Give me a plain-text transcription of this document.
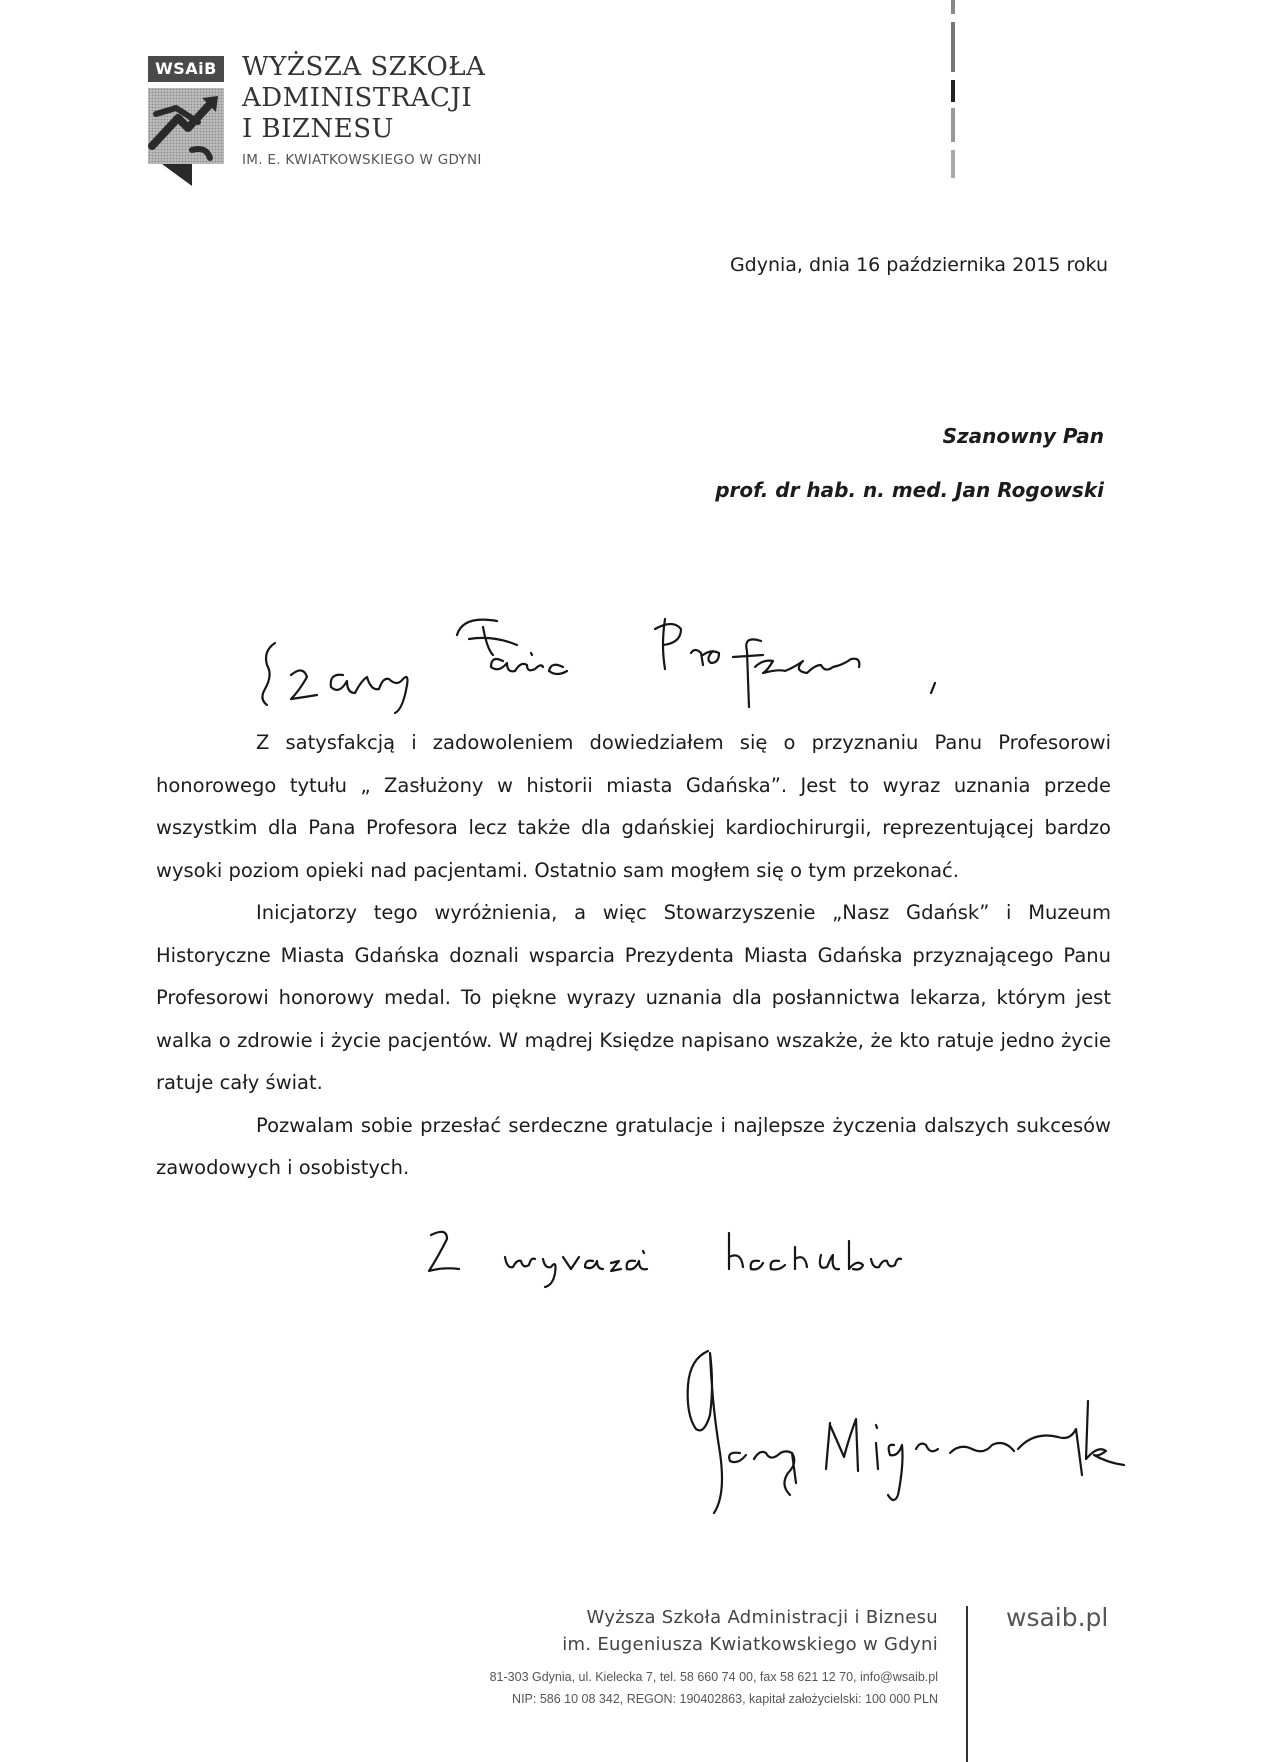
WSAiB WYŻSZA SZKOŁA
ADMINISTRACJI
I BIZNESU
IM. E. KWIATKOWSKIEGO W GDYNI
Gdynia, dnia 16 października 2015 roku
Szanowny Pan
prof. dr hab. n. med. Jan Rogowski

Z satysfakcją i zadowoleniem dowiedziałem się o przyznaniu Panu Profesorowi honorowego tytułu „ Zasłużony w historii miasta Gdańska”. Jest to wyraz uznania przede wszystkim dla Pana Profesora lecz także dla gdańskiej kardiochirurgii, reprezentującej bardzo wysoki poziom opieki nad pacjentami. Ostatnio sam mogłem się o tym przekonać.

Inicjatorzy tego wyróżnienia, a więc Stowarzyszenie „Nasz Gdańsk” i Muzeum Historyczne Miasta Gdańska doznali wsparcia Prezydenta Miasta Gdańska przyznającego Panu Profesorowi honorowy medal. To piękne wyrazy uznania dla posłannictwa lekarza, którym jest walka o zdrowie i życie pacjentów. W mądrej Księdze napisano wszakże, że kto ratuje jedno życie ratuje cały świat.

Pozwalam sobie przesłać serdeczne gratulacje i najlepsze życzenia dalszych sukcesów zawodowych i osobistych.

Wyższa Szkoła Administracji i Biznesu
im. Eugeniusza Kwiatkowskiego w Gdyni
81-303 Gdynia, ul. Kielecka 7, tel. 58 660 74 00, fax 58 621 12 70, info@wsaib.pl
NIP: 586 10 08 342, REGON: 190402863, kapitał założycielski: 100 000 PLN
wsaib.pl
